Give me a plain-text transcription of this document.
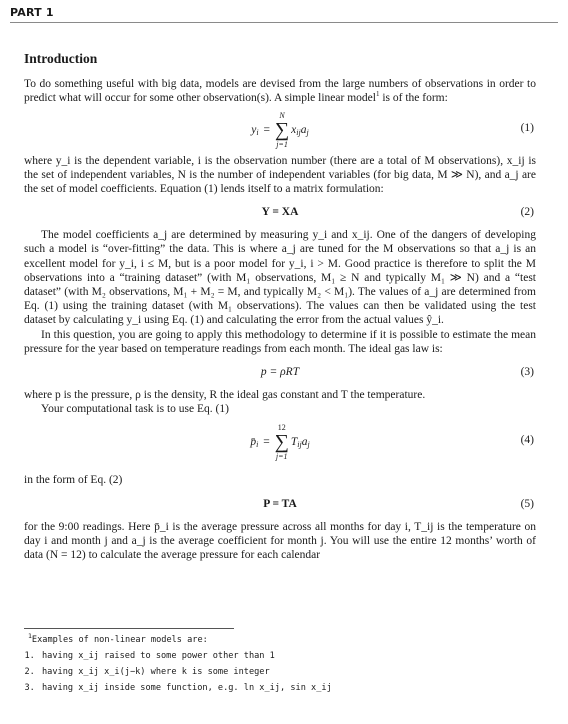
PART 1
Introduction

To do something useful with big data, models are devised from the large numbers of observations in order to predict what will occur for some other observation(s). A simple linear model$^1$ is of the form:

$y_i$ =
N
∑
j=1
$x_{ij}a_j$	(1)

where y_i is the dependent variable, i is the observation number (there are a total of M observations), x_ij is the set of independent variables, N is the number of independent variables (for big data, M ≫ N), and a_j are the set of model coefficients. Equation (1) lends itself to a matrix formulation:

Y = XA	(2)

The model coefficients a_j are determined by measuring y_i and x_ij. One of the dangers of developing such a model is “over-fitting” the data. This is where a_j are tuned for the M observations so that a_j is an excellent model for y_i, i ≤ M, but is a poor model for y_i, i > M. Good practice is therefore to split the M observations into a “training dataset” (with M₁ observations, M₁ ≥ N and typically M₁ ≫ N) and a “test dataset” (with M₂ observations, M₁ + M₂ = M, and typically M₂ < M₁). The values of a_j are determined from Eq. (1) using the training dataset (with M₁ observations). The values can then be validated using the test dataset by calculating y_i using Eq. (1) and calculating the error from the actual values ŷ_i.

In this question, you are going to apply this methodology to determine if it is possible to estimate the mean pressure for the year based on temperature readings from each month. The ideal gas law is:

p = ρRT	(3)

where p is the pressure, ρ is the density, R the ideal gas constant and T the temperature.

Your computational task is to use Eq. (1)

$p̄_i$ =
12
∑
j=1
$T_{ij}a_j$	(4)

in the form of Eq. (2)

P = TA	(5)

for the 9:00 readings. Here p̄_i is the average pressure across all months for day i, T_ij is the temperature on day i and month j and a_j is the average coefficient for month j. You will use the entire 12 months’ worth of data (N = 12) to calculate the average pressure for each calendar

$^1$Examples of non-linear models are:
1. having x_ij raised to some power other than 1
2. having x_ij x_i(j−k) where k is some integer
3. having x_ij inside some function, e.g. ln x_ij, sin x_ij
